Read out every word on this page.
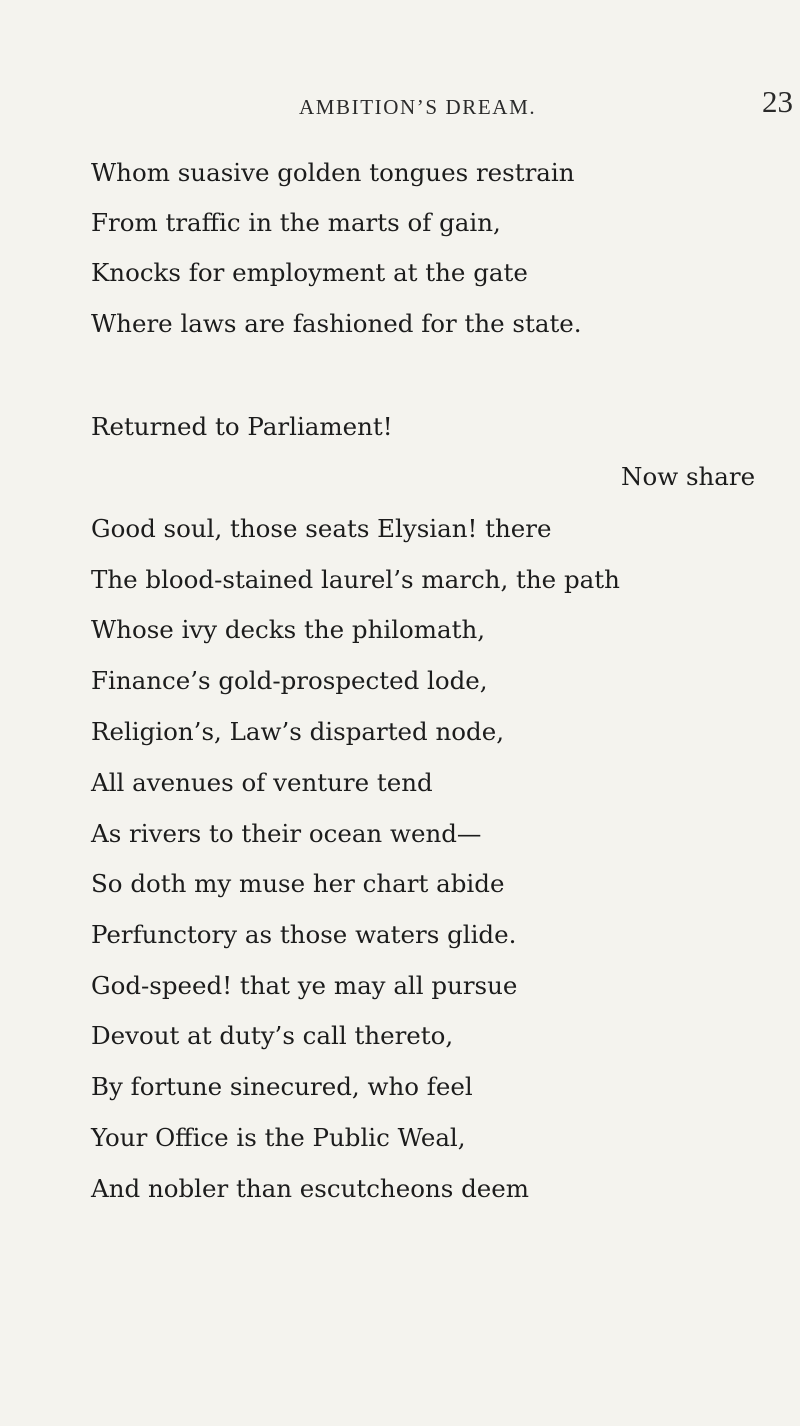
AMBITION’S DREAM.	23
Whom suasive golden tongues restrain
From traffic in the marts of gain,
Knocks for employment at the gate
Where laws are fashioned for the state.
Returned to Parliament!
Now share
Good soul, those seats Elysian! there
The blood-stained laurel’s march, the path
Whose ivy decks the philomath,
Finance’s gold-prospected lode,
Religion’s, Law’s disparted node,
All avenues of venture tend
As rivers to their ocean wend—
So doth my muse her chart abide
Perfunctory as those waters glide.
God-speed! that ye may all pursue
Devout at duty’s call thereto,
By fortune sinecured, who feel
Your Office is the Public Weal,
And nobler than escutcheons deem
